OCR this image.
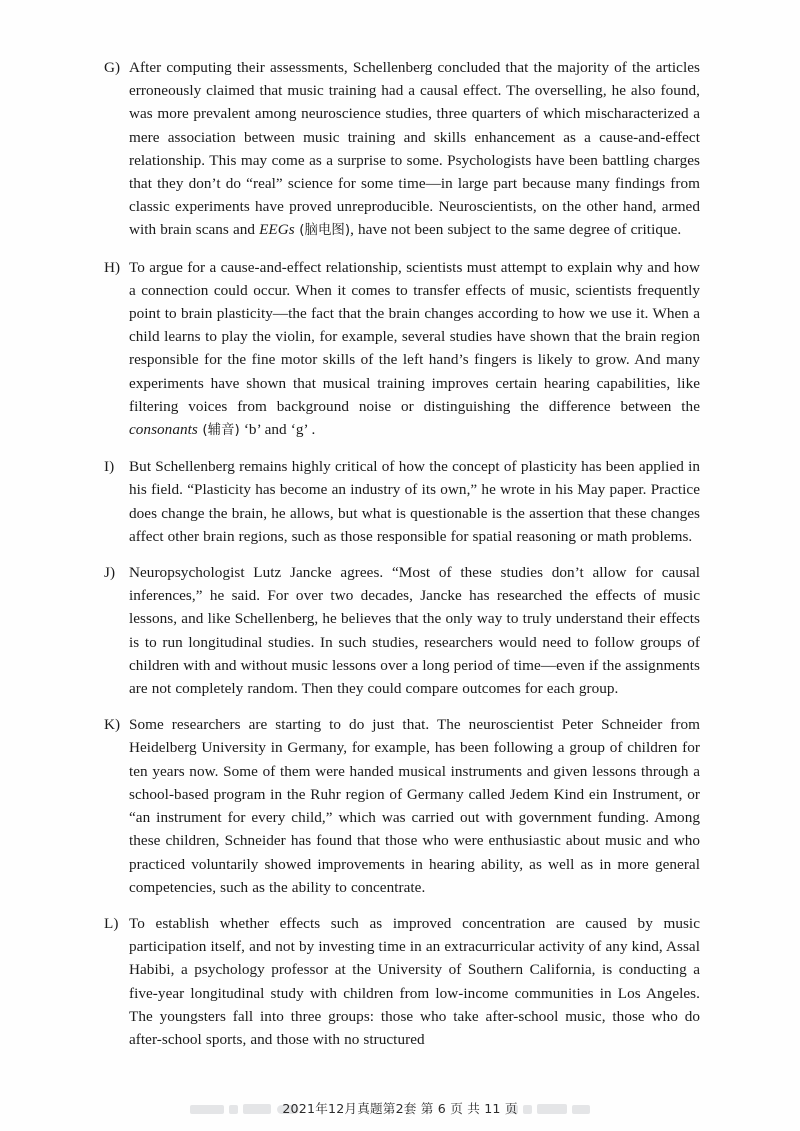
G) After computing their assessments, Schellenberg concluded that the majority of the articles erroneously claimed that music training had a causal effect. The overselling, he also found, was more prevalent among neuroscience studies, three quarters of which mischaracterized a mere association between music training and skills enhancement as a cause-and-effect relationship. This may come as a surprise to some. Psychologists have been battling charges that they don’t do “real” science for some time—in large part because many findings from classic experiments have proved unreproducible. Neuroscientists, on the other hand, armed with brain scans and EEGs (脑电图), have not been subject to the same degree of critique.
H) To argue for a cause-and-effect relationship, scientists must attempt to explain why and how a connection could occur. When it comes to transfer effects of music, scientists frequently point to brain plasticity—the fact that the brain changes according to how we use it. When a child learns to play the violin, for example, several studies have shown that the brain region responsible for the fine motor skills of the left hand’s fingers is likely to grow. And many experiments have shown that musical training improves certain hearing capabilities, like filtering voices from background noise or distinguishing the difference between the consonants (辅音) ‘b’ and ‘g’ .
I) But Schellenberg remains highly critical of how the concept of plasticity has been applied in his field. “Plasticity has become an industry of its own,” he wrote in his May paper. Practice does change the brain, he allows, but what is questionable is the assertion that these changes affect other brain regions, such as those responsible for spatial reasoning or math problems.
J) Neuropsychologist Lutz Jancke agrees. “Most of these studies don’t allow for causal inferences,” he said. For over two decades, Jancke has researched the effects of music lessons, and like Schellenberg, he believes that the only way to truly understand their effects is to run longitudinal studies. In such studies, researchers would need to follow groups of children with and without music lessons over a long period of time—even if the assignments are not completely random. Then they could compare outcomes for each group.
K) Some researchers are starting to do just that. The neuroscientist Peter Schneider from Heidelberg University in Germany, for example, has been following a group of children for ten years now. Some of them were handed musical instruments and given lessons through a school-based program in the Ruhr region of Germany called Jedem Kind ein Instrument, or “an instrument for every child,” which was carried out with government funding. Among these children, Schneider has found that those who were enthusiastic about music and who practiced voluntarily showed improvements in hearing ability, as well as in more general competencies, such as the ability to concentrate.
L) To establish whether effects such as improved concentration are caused by music participation itself, and not by investing time in an extracurricular activity of any kind, Assal Habibi, a psychology professor at the University of Southern California, is conducting a five-year longitudinal study with children from low-income communities in Los Angeles. The youngsters fall into three groups: those who take after-school music, those who do after-school sports, and those with no structured
2021年12月真题第2套 第 6 页 共 11 页
